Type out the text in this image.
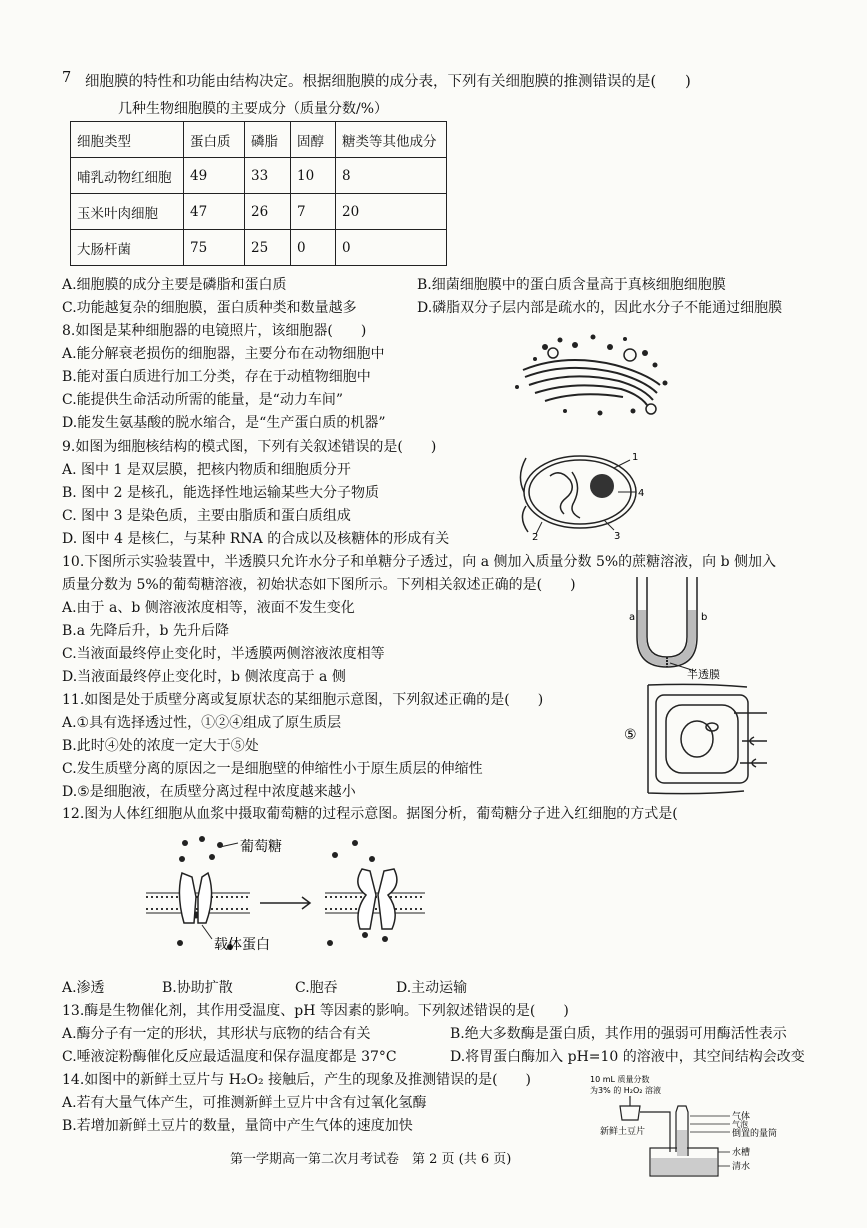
7 细胞膜的特性和功能由结构决定。根据细胞膜的成分表，下列有关细胞膜的推测错误的是(　　)
几种生物细胞膜的主要成分（质量分数/%）
细胞类型	蛋白质	磷脂	固醇	糖类等其他成分
哺乳动物红细胞	49	33	10	8
玉米叶肉细胞	47	26	7	20
大肠杆菌	75	25	0	0
A.细胞膜的成分主要是磷脂和蛋白质	B.细菌细胞膜中的蛋白质含量高于真核细胞细胞膜
C.功能越复杂的细胞膜，蛋白质种类和数量越多	D.磷脂双分子层内部是疏水的，因此水分子不能通过细胞膜
8.如图是某种细胞器的电镜照片，该细胞器(　　)
A.能分解衰老损伤的细胞器，主要分布在动物细胞中
B.能对蛋白质进行加工分类，存在于动植物细胞中
C.能提供生命活动所需的能量，是“动力车间”
D.能发生氨基酸的脱水缩合，是“生产蛋白质的机器”
9.如图为细胞核结构的模式图，下列有关叙述错误的是(　　)
A. 图中 1 是双层膜，把核内物质和细胞质分开
B. 图中 2 是核孔，能选择性地运输某些大分子物质
C. 图中 3 是染色质，主要由脂质和蛋白质组成
D. 图中 4 是核仁，与某种 RNA 的合成以及核糖体的形成有关
1
2	3
4
10.下图所示实验装置中，半透膜只允许水分子和单糖分子透过，向 a 侧加入质量分数 5%的蔗糖溶液，向 b 侧加入
质量分数为 5%的葡萄糖溶液，初始状态如下图所示。下列相关叙述正确的是(　　)
A.由于 a、b 侧溶液浓度相等，液面不发生变化
B.a 先降后升，b 先升后降
C.当液面最终停止变化时，半透膜两侧溶液浓度相等
D.当液面最终停止变化时，b 侧浓度高于 a 侧
a	b
半透膜
11.如图是处于质壁分离或复原状态的某细胞示意图，下列叙述正确的是(　　)
A.①具有选择透过性，①②④组成了原生质层
B.此时④处的浓度一定大于⑤处
C.发生质壁分离的原因之一是细胞壁的伸缩性小于原生质层的伸缩性
D.⑤是细胞液，在质壁分离过程中浓度越来越小
⑤
12.图为人体红细胞从血浆中摄取葡萄糖的过程示意图。据图分析，葡萄糖分子进入红细胞的方式是(
葡萄糖
载体蛋白
A.渗透	B.协助扩散	C.胞吞	D.主动运输
13.酶是生物催化剂，其作用受温度、pH 等因素的影响。下列叙述错误的是(　　)
A.酶分子有一定的形状，其形状与底物的结合有关	B.绝大多数酶是蛋白质，其作用的强弱可用酶活性表示
C.唾液淀粉酶催化反应最适温度和保存温度都是 37°C	D.将胃蛋白酶加入 pH=10 的溶液中，其空间结构会改变
14.如图中的新鲜土豆片与 H₂O₂ 接触后，产生的现象及推测错误的是(　　)
A.若有大量气体产生，可推测新鲜土豆片中含有过氧化氢酶
B.若增加新鲜土豆片的数量，量筒中产生气体的速度加快
10 mL 质量分数
为3% 的 H₂O₂ 溶液
新鲜土豆片
气体
气泡
倒置的量筒
水槽
清水
第一学期高一第二次月考试卷　第 2 页 (共 6 页)
